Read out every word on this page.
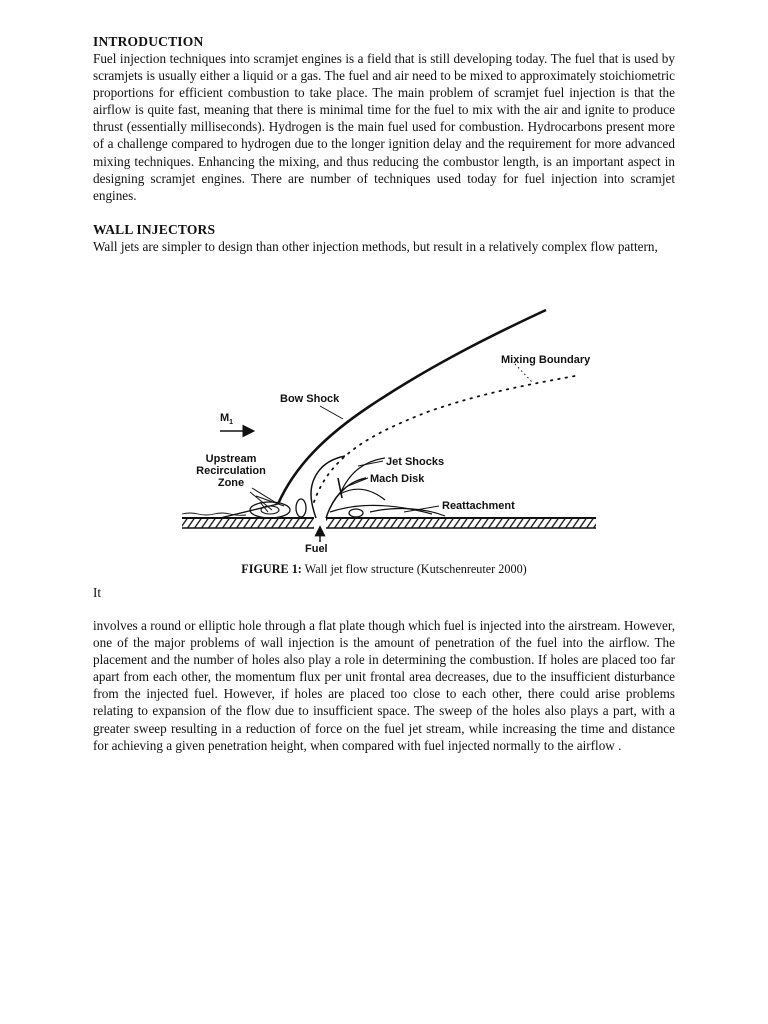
INTRODUCTION

Fuel injection techniques into scramjet engines is a field that is still developing today. The fuel that is used by scramjets is usually either a liquid or a gas. The fuel and air need to be mixed to approximately stoichiometric proportions for efficient combustion to take place. The main problem of scramjet fuel injection is that the airflow is quite fast, meaning that there is minimal time for the fuel to mix with the air and ignite to produce thrust (essentially milliseconds). Hydrogen is the main fuel used for combustion. Hydrocarbons present more of a challenge compared to hydrogen due to the longer ignition delay and the requirement for more advanced mixing techniques. Enhancing the mixing, and thus reducing the combustor length, is an important aspect in designing scramjet engines. There are number of techniques used today for fuel injection into scramjet engines.

WALL INJECTORS

Wall jets are simpler to design than other injection methods, but result in a relatively complex flow pattern,

Mixing Boundary
Bow Shock
$M_1$
Upstream
Recirculation
Zone
Jet Shocks
Mach Disk
Reattachment
Fuel
FIGURE 1: Wall jet flow structure (Kutschenreuter 2000)
It

involves a round or elliptic hole through a flat plate though which fuel is injected into the airstream. However, one of the major problems of wall injection is the amount of penetration of the fuel into the airflow. The placement and the number of holes also play a role in determining the combustion. If holes are placed too far apart from each other, the momentum flux per unit frontal area decreases, due to the insufficient disturbance from the injected fuel. However, if holes are placed too close to each other, there could arise problems relating to expansion of the flow due to insufficient space. The sweep of the holes also plays a part, with a greater sweep resulting in a reduction of force on the fuel jet stream, while increasing the time and distance for achieving a given penetration height, when compared with fuel injected normally to the airflow .
